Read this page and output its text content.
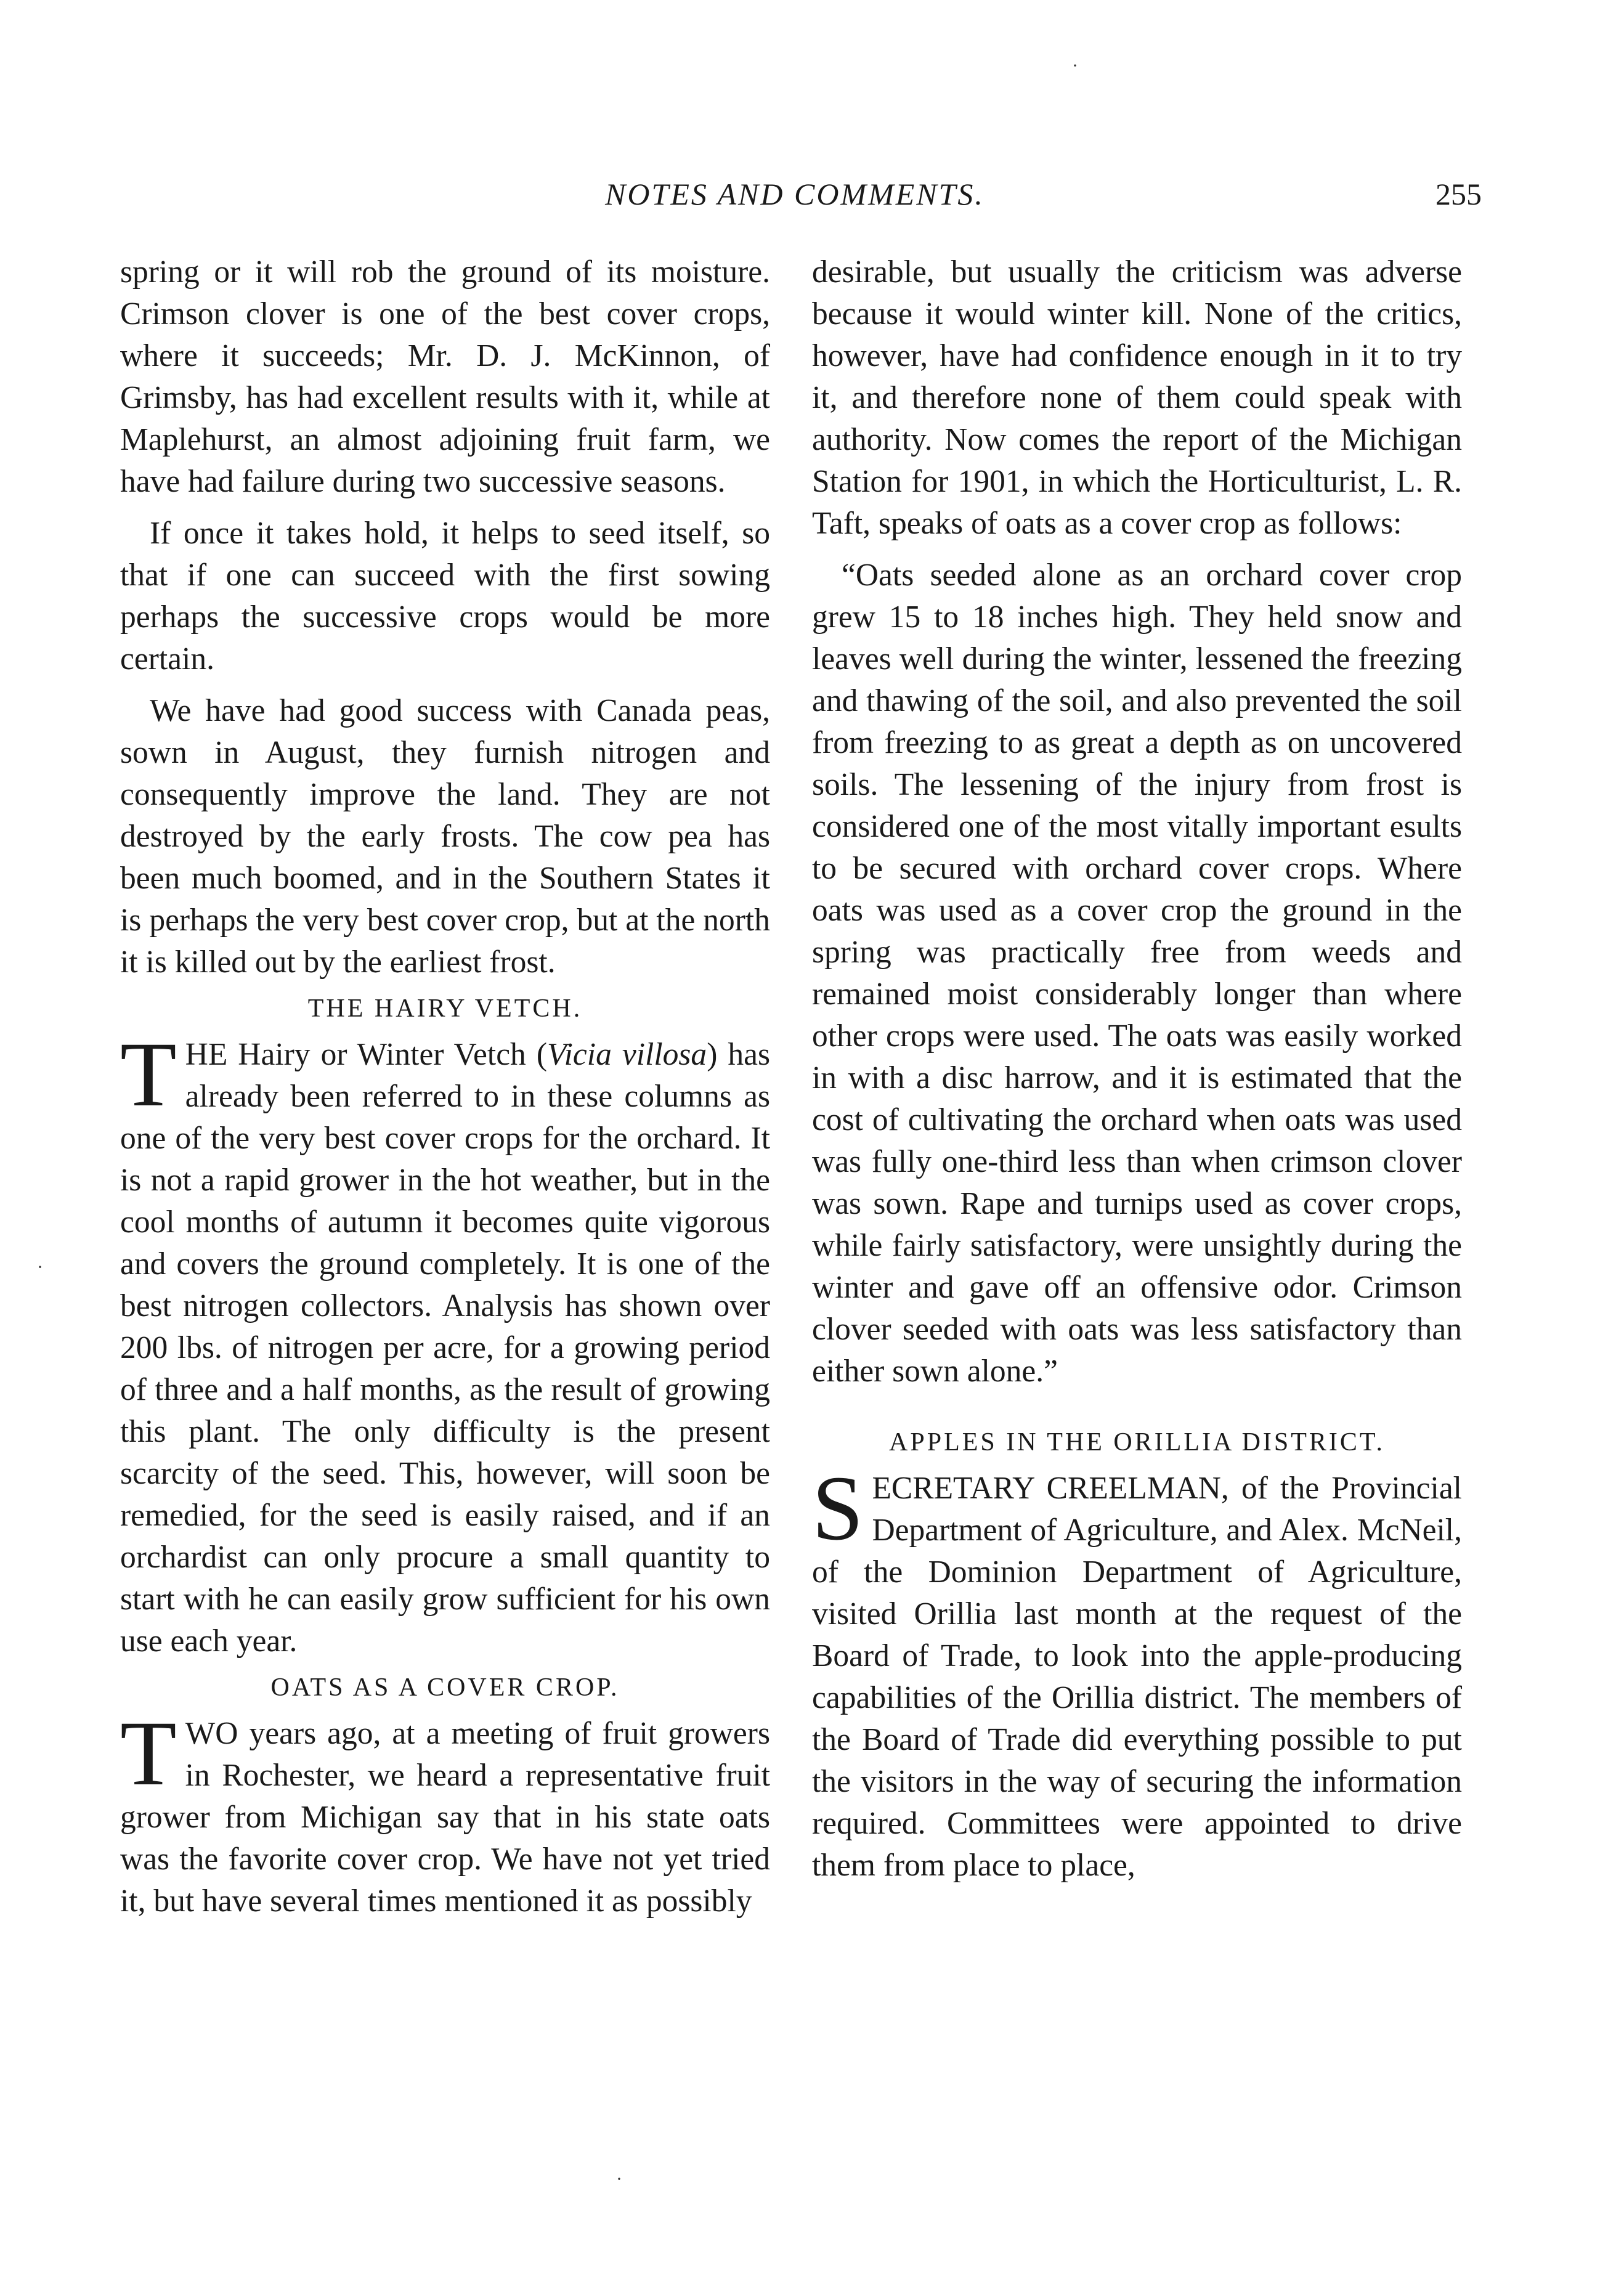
NOTES AND COMMENTS.	255
·
·
·

spring or it will rob the ground of its moisture. Crimson clover is one of the best cover crops, where it succeeds; Mr. D. J. McKinnon, of Grimsby, has had excellent results with it, while at Maplehurst, an almost adjoining fruit farm, we have had failure during two successive seasons.

If once it takes hold, it helps to seed itself, so that if one can succeed with the first sowing perhaps the successive crops would be more certain.

We have had good success with Canada peas, sown in August, they furnish nitrogen and consequently improve the land. They are not destroyed by the early frosts. The cow pea has been much boomed, and in the Southern States it is perhaps the very best cover crop, but at the north it is killed out by the earliest frost.

THE HAIRY VETCH.

THE Hairy or Winter Vetch (Vicia villosa) has already been referred to in these columns as one of the very best cover crops for the orchard. It is not a rapid grower in the hot weather, but in the cool months of autumn it becomes quite vigorous and covers the ground completely. It is one of the best nitrogen collectors. Analysis has shown over 200 lbs. of nitrogen per acre, for a growing period of three and a half months, as the result of growing this plant. The only difficulty is the present scarcity of the seed. This, however, will soon be remedied, for the seed is easily raised, and if an orchardist can only procure a small quantity to start with he can easily grow sufficient for his own use each year.

OATS AS A COVER CROP.

TWO years ago, at a meeting of fruit growers in Rochester, we heard a representative fruit grower from Michigan say that in his state oats was the favorite cover crop. We have not yet tried it, but have several times mentioned it as possibly

desirable, but usually the criticism was adverse because it would winter kill. None of the critics, however, have had confidence enough in it to try it, and therefore none of them could speak with authority. Now comes the report of the Michigan Station for 1901, in which the Horticulturist, L. R. Taft, speaks of oats as a cover crop as follows:

“Oats seeded alone as an orchard cover crop grew 15 to 18 inches high. They held snow and leaves well during the winter, lessened the freezing and thawing of the soil, and also prevented the soil from freezing to as great a depth as on uncovered soils. The lessening of the injury from frost is considered one of the most vitally important esults to be secured with orchard cover crops. Where oats was used as a cover crop the ground in the spring was practically free from weeds and remained moist considerably longer than where other crops were used. The oats was easily worked in with a disc harrow, and it is estimated that the cost of cultivating the orchard when oats was used was fully one-third less than when crimson clover was sown. Rape and turnips used as cover crops, while fairly satisfactory, were unsightly during the winter and gave off an offensive odor. Crimson clover seeded with oats was less satisfactory than either sown alone.”

APPLES IN THE ORILLIA DISTRICT.

SECRETARY CREELMAN, of the Provincial Department of Agriculture, and Alex. McNeil, of the Dominion Department of Agriculture, visited Orillia last month at the request of the Board of Trade, to look into the apple-producing capabilities of the Orillia district. The members of the Board of Trade did everything possible to put the visitors in the way of securing the information required. Committees were appointed to drive them from place to place,
